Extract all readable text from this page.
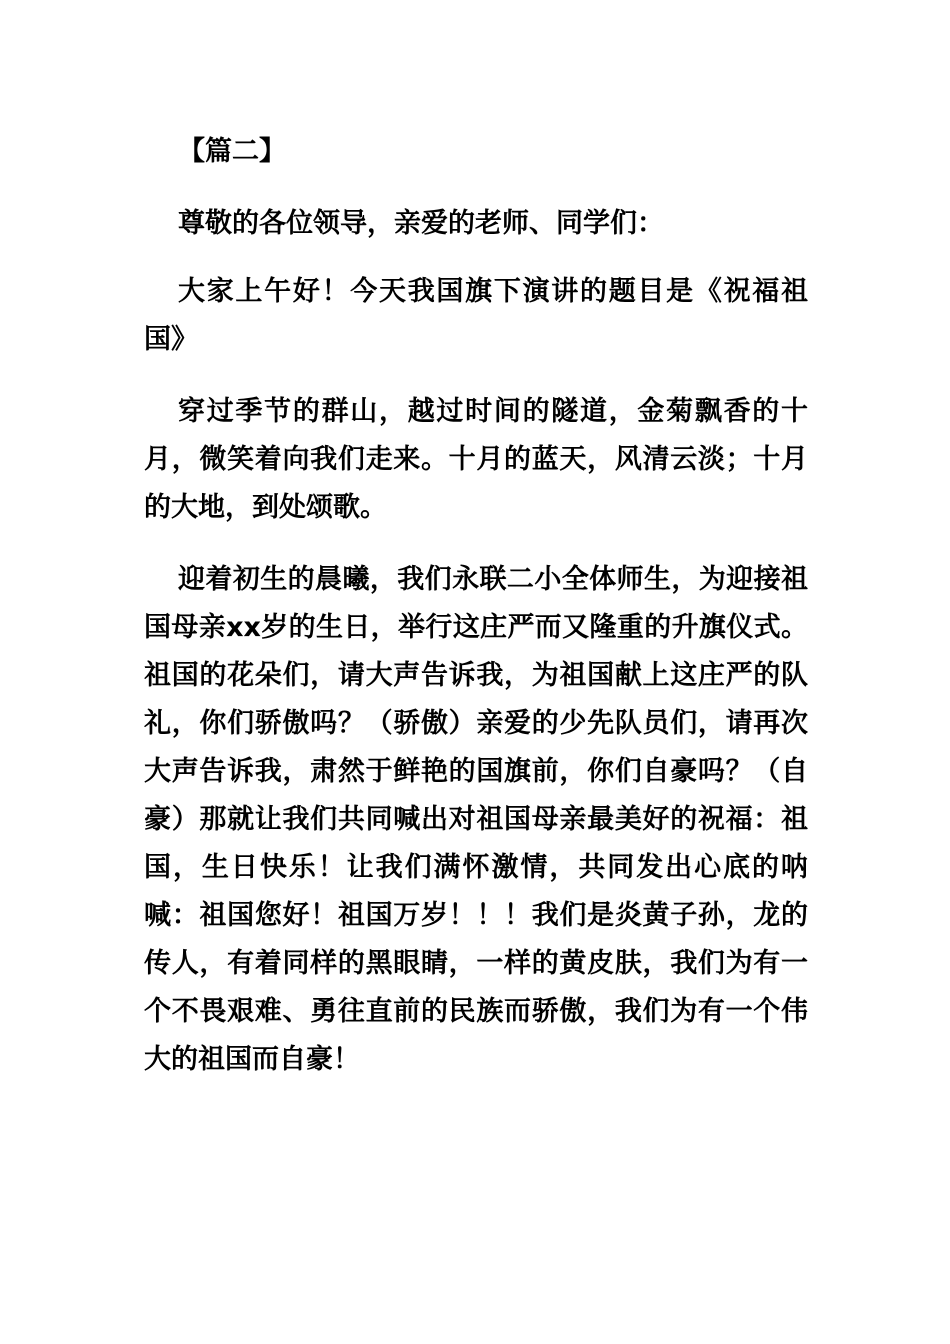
【篇二】

尊敬的各位领导，亲爱的老师、同学们：

大家上午好！今天我国旗下演讲的题目是《祝福祖国》

穿过季节的群山，越过时间的隧道，金菊飘香的十月，微笑着向我们走来。十月的蓝天，风清云淡；十月的大地，到处颂歌。

迎着初生的晨曦，我们永联二小全体师生，为迎接祖国母亲xx岁的生日，举行这庄严而又隆重的升旗仪式。祖国的花朵们，请大声告诉我，为祖国献上这庄严的队礼，你们骄傲吗？（骄傲）亲爱的少先队员们，请再次大声告诉我，肃然于鲜艳的国旗前，你们自豪吗？（自豪）那就让我们共同喊出对祖国母亲最美好的祝福：祖国，生日快乐！让我们满怀激情，共同发出心底的呐喊：祖国您好！祖国万岁！！！我们是炎黄子孙，龙的传人，有着同样的黑眼睛，一样的黄皮肤，我们为有一个不畏艰难、勇往直前的民族而骄傲，我们为有一个伟大的祖国而自豪！
